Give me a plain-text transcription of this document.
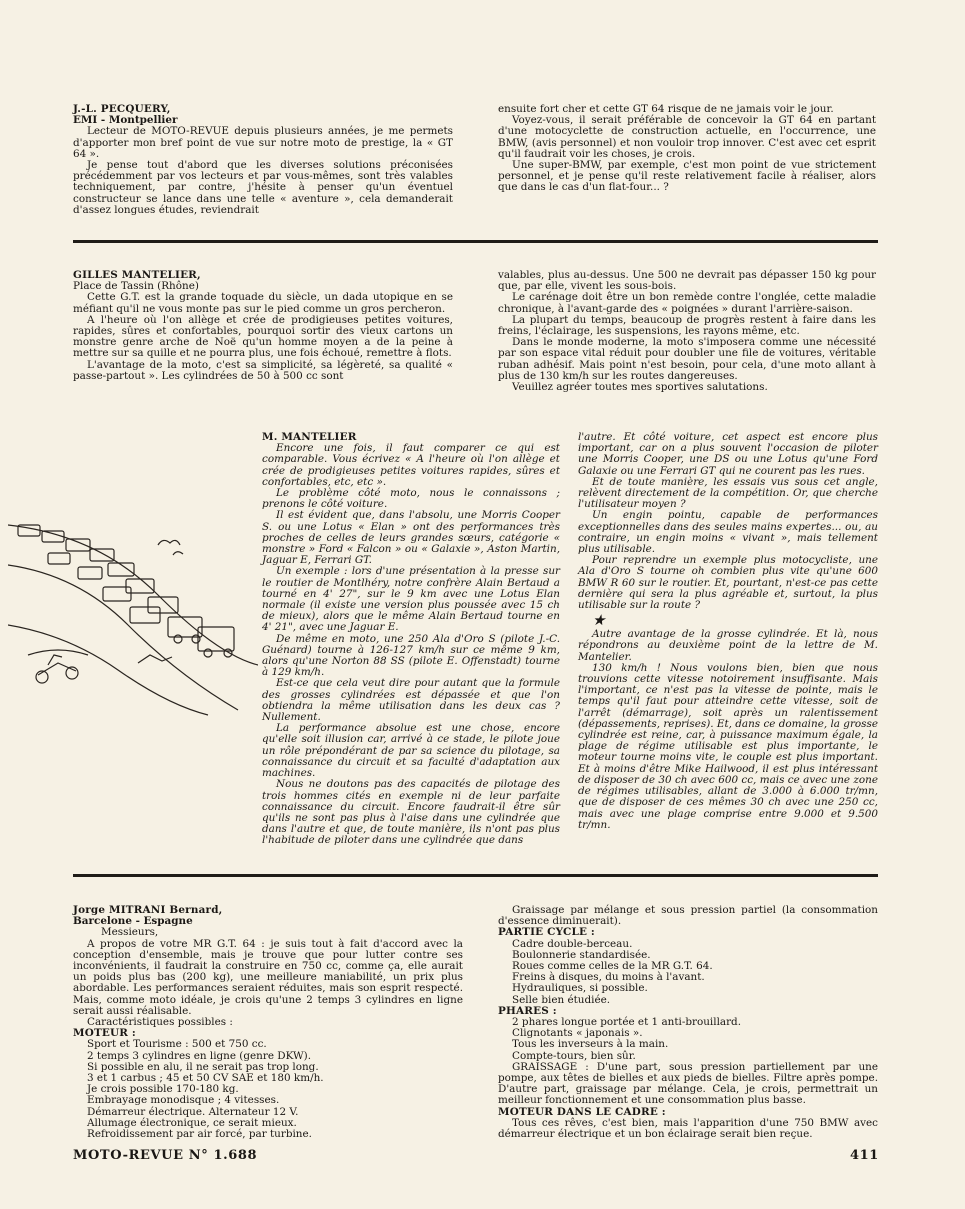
J.-L. PECQUERY,

EMI - Montpellier

Lecteur de MOTO-REVUE depuis plusieurs années, je me permets d'apporter mon bref point de vue sur notre moto de prestige, la « GT 64 ».

Je pense tout d'abord que les diverses solutions préconisées précédemment par vos lecteurs et par vous-mêmes, sont très valables techniquement, par contre, j'hésite à penser qu'un éventuel constructeur se lance dans une telle « aventure », cela demanderait d'assez longues études, reviendrait

ensuite fort cher et cette GT 64 risque de ne jamais voir le jour.

Voyez-vous, il serait préférable de concevoir la GT 64 en partant d'une motocyclette de construction actuelle, en l'occurrence, une BMW, (avis personnel) et non vouloir trop innover. C'est avec cet esprit qu'il faudrait voir les choses, je crois.

Une super-BMW, par exemple, c'est mon point de vue strictement personnel, et je pense qu'il reste relativement facile à réaliser, alors que dans le cas d'un flat-four... ?

GILLES MANTELIER,

Place de Tassin (Rhône)

Cette G.T. est la grande toquade du siècle, un dada utopique en se méfiant qu'il ne vous monte pas sur le pied comme un gros percheron.

A l'heure où l'on allège et crée de prodigieuses petites voitures, rapides, sûres et confortables, pourquoi sortir des vieux cartons un monstre genre arche de Noë qu'un homme moyen a de la peine à mettre sur sa quille et ne pourra plus, une fois échoué, remettre à flots.

L'avantage de la moto, c'est sa simplicité, sa légèreté, sa qualité « passe-partout ». Les cylindrées de 50 à 500 cc sont

valables, plus au-dessus. Une 500 ne devrait pas dépasser 150 kg pour que, par elle, vivent les sous-bois.

Le carénage doit être un bon remède contre l'onglée, cette maladie chronique, à l'avant-garde des « poignées » durant l'arrière-saison.

La plupart du temps, beaucoup de progrès restent à faire dans les freins, l'éclairage, les suspensions, les rayons même, etc.

Dans le monde moderne, la moto s'imposera comme une nécessité par son espace vital réduit pour doubler une file de voitures, véritable ruban adhésif. Mais point n'est besoin, pour cela, d'une moto allant à plus de 130 km/h sur les routes dangereuses.

Veuillez agréer toutes mes sportives salutations.

M. MANTELIER

Encore une fois, il faut comparer ce qui est comparable. Vous écrivez « A l'heure où l'on allège et crée de prodigieuses petites voitures rapides, sûres et confortables, etc, etc ».

Le problème côté moto, nous le connaissons ; prenons le côté voiture.

Il est évident que, dans l'absolu, une Morris Cooper S. ou une Lotus « Elan » ont des performances très proches de celles de leurs grandes sœurs, catégorie « monstre » Ford « Falcon » ou « Galaxie », Aston Martin, Jaguar E, Ferrari GT.

Un exemple : lors d'une présentation à la presse sur le routier de Montlhéry, notre confrère Alain Bertaud a tourné en 4' 27", sur le 9 km avec une Lotus Elan normale (il existe une version plus poussée avec 15 ch de mieux), alors que le même Alain Bertaud tourne en 4' 21", avec une Jaguar E.

De même en moto, une 250 Ala d'Oro S (pilote J.-C. Guénard) tourne à 126-127 km/h sur ce même 9 km, alors qu'une Norton 88 SS (pilote E. Offenstadt) tourne à 129 km/h.

Est-ce que cela veut dire pour autant que la formule des grosses cylindrées est dépassée et que l'on obtiendra la même utilisation dans les deux cas ? Nullement.

La performance absolue est une chose, encore qu'elle soit illusion car, arrivé à ce stade, le pilote joue un rôle prépondérant de par sa science du pilotage, sa connaissance du circuit et sa faculté d'adaptation aux machines.

Nous ne doutons pas des capacités de pilotage des trois hommes cités en exemple ni de leur parfaite connaissance du circuit. Encore faudrait-il être sûr qu'ils ne sont pas plus à l'aise dans une cylindrée que dans l'autre et que, de toute manière, ils n'ont pas plus l'habitude de piloter dans une cylindrée que dans

l'autre. Et côté voiture, cet aspect est encore plus important, car on a plus souvent l'occasion de piloter une Morris Cooper, une DS ou une Lotus qu'une Ford Galaxie ou une Ferrari GT qui ne courent pas les rues.

Et de toute manière, les essais vus sous cet angle, relèvent directement de la compétition. Or, que cherche l'utilisateur moyen ?

Un engin pointu, capable de performances exceptionnelles dans des seules mains expertes... ou, au contraire, un engin moins « vivant », mais tellement plus utilisable.

Pour reprendre un exemple plus motocycliste, une Ala d'Oro S tourne oh combien plus vite qu'une 600 BMW R 60 sur le routier. Et, pourtant, n'est-ce pas cette dernière qui sera la plus agréable et, surtout, la plus utilisable sur la route ?

★

Autre avantage de la grosse cylindrée. Et là, nous répondrons au deuxième point de la lettre de M. Mantelier.

130 km/h ! Nous voulons bien, bien que nous trouvions cette vitesse notoirement insuffisante. Mais l'important, ce n'est pas la vitesse de pointe, mais le temps qu'il faut pour atteindre cette vitesse, soit de l'arrêt (démarrage), soit après un ralentissement (dépassements, reprises). Et, dans ce domaine, la grosse cylindrée est reine, car, à puissance maximum égale, la plage de régime utilisable est plus importante, le moteur tourne moins vite, le couple est plus important. Et à moins d'être Mike Hailwood, il est plus intéressant de disposer de 30 ch avec 600 cc, mais ce avec une zone de régimes utilisables, allant de 3.000 à 6.000 tr/mn, que de disposer de ces mêmes 30 ch avec une 250 cc, mais avec une plage comprise entre 9.000 et 9.500 tr/mn.

Jorge MITRANI Bernard,

Barcelone - Espagne

Messieurs,

A propos de votre MR G.T. 64 : je suis tout à fait d'accord avec la conception d'ensemble, mais je trouve que pour lutter contre ses inconvénients, il faudrait la construire en 750 cc, comme ça, elle aurait un poids plus bas (200 kg), une meilleure maniabilité, un prix plus abordable. Les performances seraient réduites, mais son esprit respecté. Mais, comme moto idéale, je crois qu'une 2 temps 3 cylindres en ligne serait aussi réalisable.

Caractéristiques possibles :

MOTEUR :

Sport et Tourisme : 500 et 750 cc.

2 temps 3 cylindres en ligne (genre DKW).

Si possible en alu, il ne serait pas trop long.

3 et 1 carbus ; 45 et 50 CV SAE et 180 km/h.

Je crois possible 170-180 kg.

Embrayage monodisque ; 4 vitesses.

Démarreur électrique. Alternateur 12 V.

Allumage électronique, ce serait mieux.

Refroidissement par air forcé, par turbine.

Graissage par mélange et sous pression partiel (la consommation d'essence diminuerait).

PARTIE CYCLE :

Cadre double-berceau.

Boulonnerie standardisée.

Roues comme celles de la MR G.T. 64.

Freins à disques, du moins à l'avant.

Hydrauliques, si possible.

Selle bien étudiée.

PHARES :

2 phares longue portée et 1 anti-brouillard.

Clignotants « japonais ».

Tous les inverseurs à la main.

Compte-tours, bien sûr.

GRAISSAGE : D'une part, sous pression partiellement par une pompe, aux têtes de bielles et aux pieds de bielles. Filtre après pompe. D'autre part, graissage par mélange. Cela, je crois, permettrait un meilleur fonctionnement et une consommation plus basse.

MOTEUR DANS LE CADRE :

Tous ces rêves, c'est bien, mais l'apparition d'une 750 BMW avec démarreur électrique et un bon éclairage serait bien reçue.

MOTO-REVUE N° 1.688	411
